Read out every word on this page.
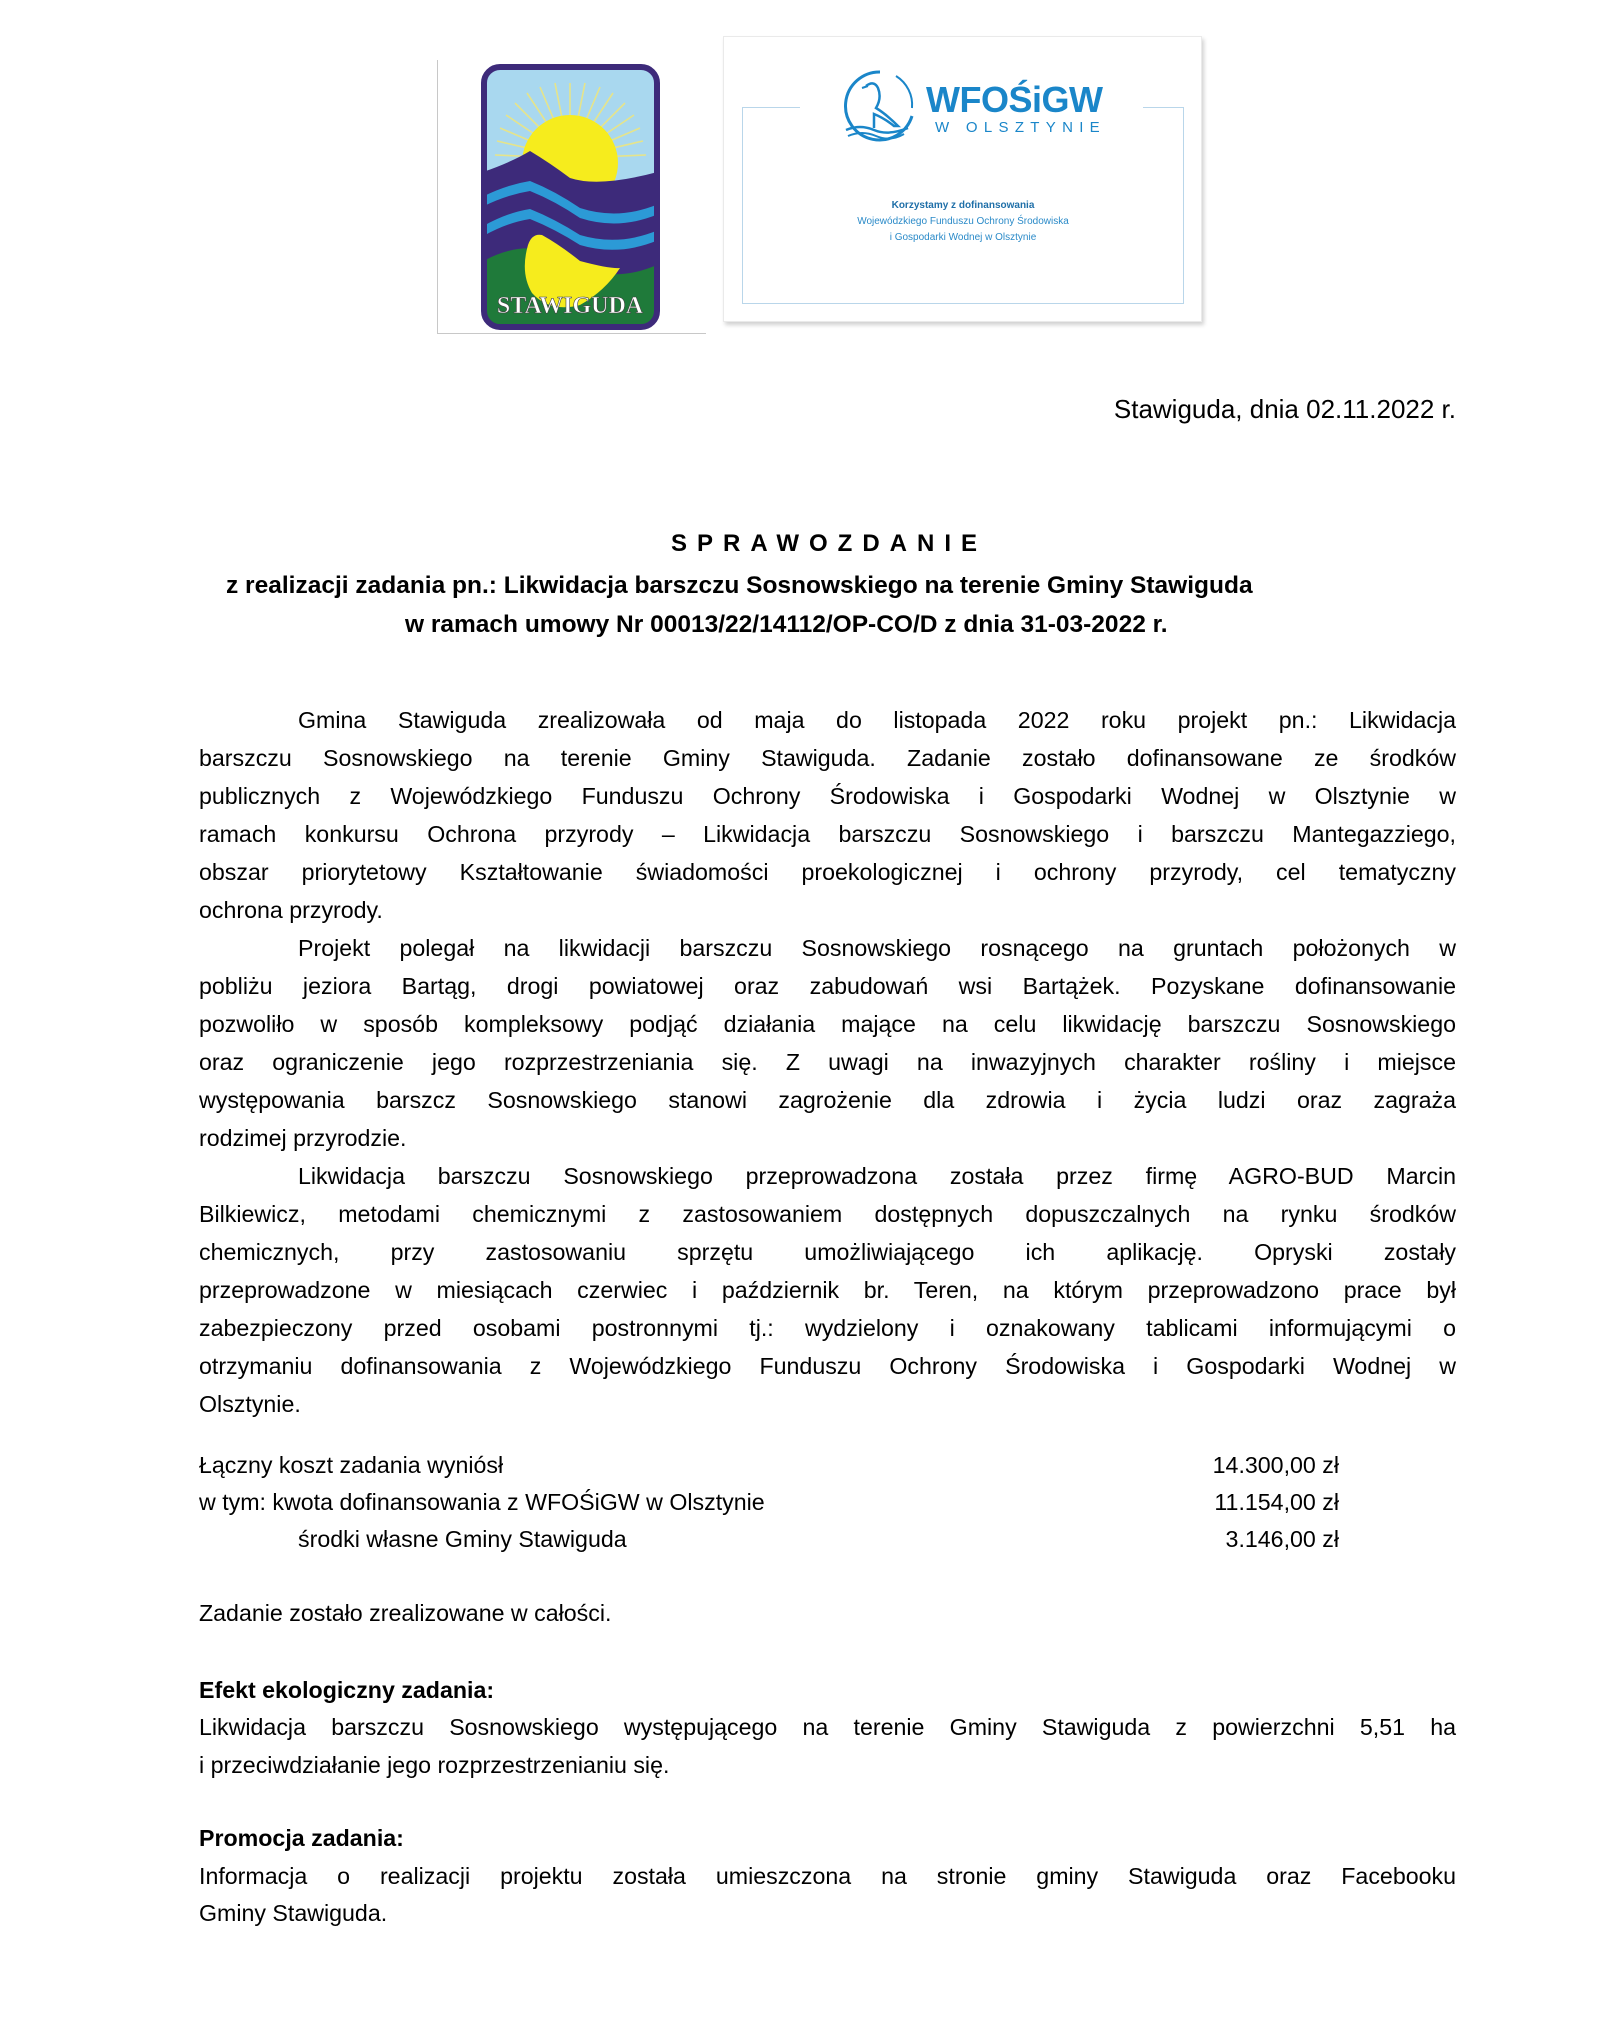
STAWIGUDA
WFOŚiGW
W OLSZTYNIE
Korzystamy z dofinansowania
Wojewódzkiego Funduszu Ochrony Środowiska
i Gospodarki Wodnej w Olsztynie
Stawiguda, dnia 02.11.2022 r.
SPRAWOZDANIE
z realizacji zadania pn.: Likwidacja barszczu Sosnowskiego na terenie Gminy Stawiguda
w ramach umowy Nr 00013/22/14112/OP-CO/D z dnia 31-03-2022 r.
Gmina Stawiguda zrealizowała od maja do listopada 2022 roku projekt pn.: Likwidacja
barszczu Sosnowskiego na terenie Gminy Stawiguda. Zadanie zostało dofinansowane ze środków
publicznych z Wojewódzkiego Funduszu Ochrony Środowiska i Gospodarki Wodnej w Olsztynie w
ramach konkursu Ochrona przyrody – Likwidacja barszczu Sosnowskiego i barszczu Mantegazziego,
obszar priorytetowy Kształtowanie świadomości proekologicznej i ochrony przyrody, cel tematyczny
ochrona przyrody.
Projekt polegał na likwidacji barszczu Sosnowskiego rosnącego na gruntach położonych w
pobliżu jeziora Bartąg, drogi powiatowej oraz zabudowań wsi Bartążek. Pozyskane dofinansowanie
pozwoliło w sposób kompleksowy podjąć działania mające na celu likwidację barszczu Sosnowskiego
oraz ograniczenie jego rozprzestrzeniania się. Z uwagi na inwazyjnych charakter rośliny i miejsce
występowania barszcz Sosnowskiego stanowi zagrożenie dla zdrowia i życia ludzi oraz zagraża
rodzimej przyrodzie.
Likwidacja barszczu Sosnowskiego przeprowadzona została przez firmę AGRO-BUD Marcin
Bilkiewicz, metodami chemicznymi z zastosowaniem dostępnych dopuszczalnych na rynku środków
chemicznych, przy zastosowaniu sprzętu umożliwiającego ich aplikację. Opryski zostały
przeprowadzone w miesiącach czerwiec i październik br. Teren, na którym przeprowadzono prace był
zabezpieczony przed osobami postronnymi tj.: wydzielony i oznakowany tablicami informującymi o
otrzymaniu dofinansowania z Wojewódzkiego Funduszu Ochrony Środowiska i Gospodarki Wodnej w
Olsztynie.
Łączny koszt zadania wyniósł	14.300,00 zł
w tym: kwota dofinansowania z WFOŚiGW w Olsztynie	11.154,00 zł
środki własne Gminy Stawiguda	3.146,00 zł
Zadanie zostało zrealizowane w całości.
Efekt ekologiczny zadania:
Likwidacja barszczu Sosnowskiego występującego na terenie Gminy Stawiguda z powierzchni 5,51 ha
i przeciwdziałanie jego rozprzestrzenianiu się.
Promocja zadania:
Informacja o realizacji projektu została umieszczona na stronie gminy Stawiguda oraz Facebooku
Gminy Stawiguda.
